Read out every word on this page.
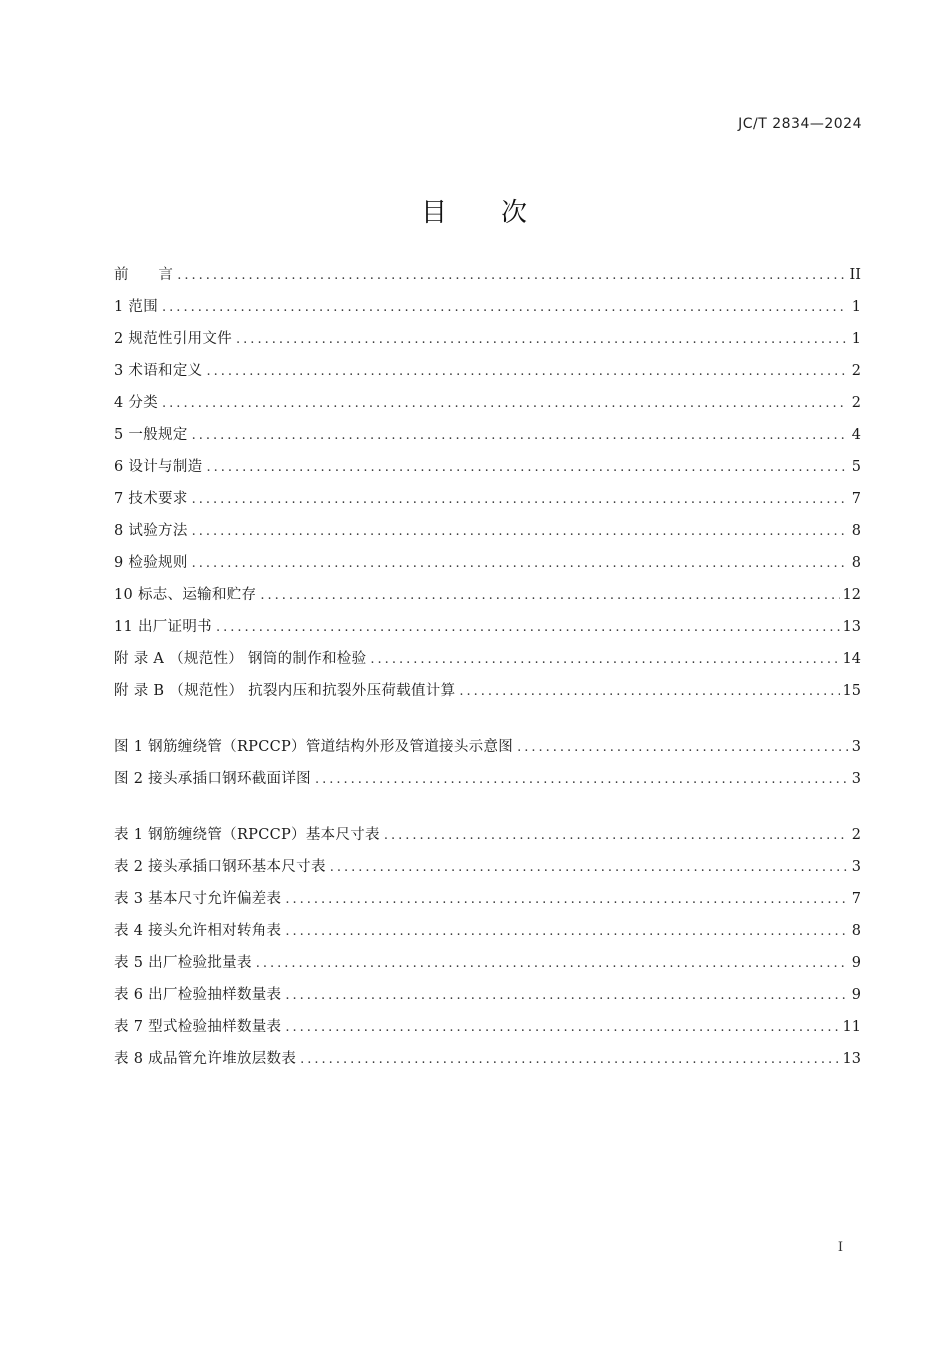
JC/T 2834—2024
目 次
前　　言 .....	II
1 范围 .....	1
2 规范性引用文件 .....	1
3 术语和定义 .....	2
4 分类 .....	2
5 一般规定 .....	4
6 设计与制造 .....	5
7 技术要求 .....	7
8 试验方法 .....	8
9 检验规则 .....	8
10 标志、运输和贮存 .....	12
11 出厂证明书 .....	13
附 录 A （规范性） 钢筒的制作和检验 .....	14
附 录 B （规范性） 抗裂内压和抗裂外压荷载值计算 .....	15
图 1 钢筋缠绕管（RPCCP）管道结构外形及管道接头示意图 .....	3
图 2 接头承插口钢环截面详图 .....	3
表 1 钢筋缠绕管（RPCCP）基本尺寸表 .....	2
表 2 接头承插口钢环基本尺寸表 .....	3
表 3 基本尺寸允许偏差表 .....	7
表 4 接头允许相对转角表 .....	8
表 5 出厂检验批量表 .....	9
表 6 出厂检验抽样数量表 .....	9
表 7 型式检验抽样数量表 .....	11
表 8 成品管允许堆放层数表 .....	13
I
